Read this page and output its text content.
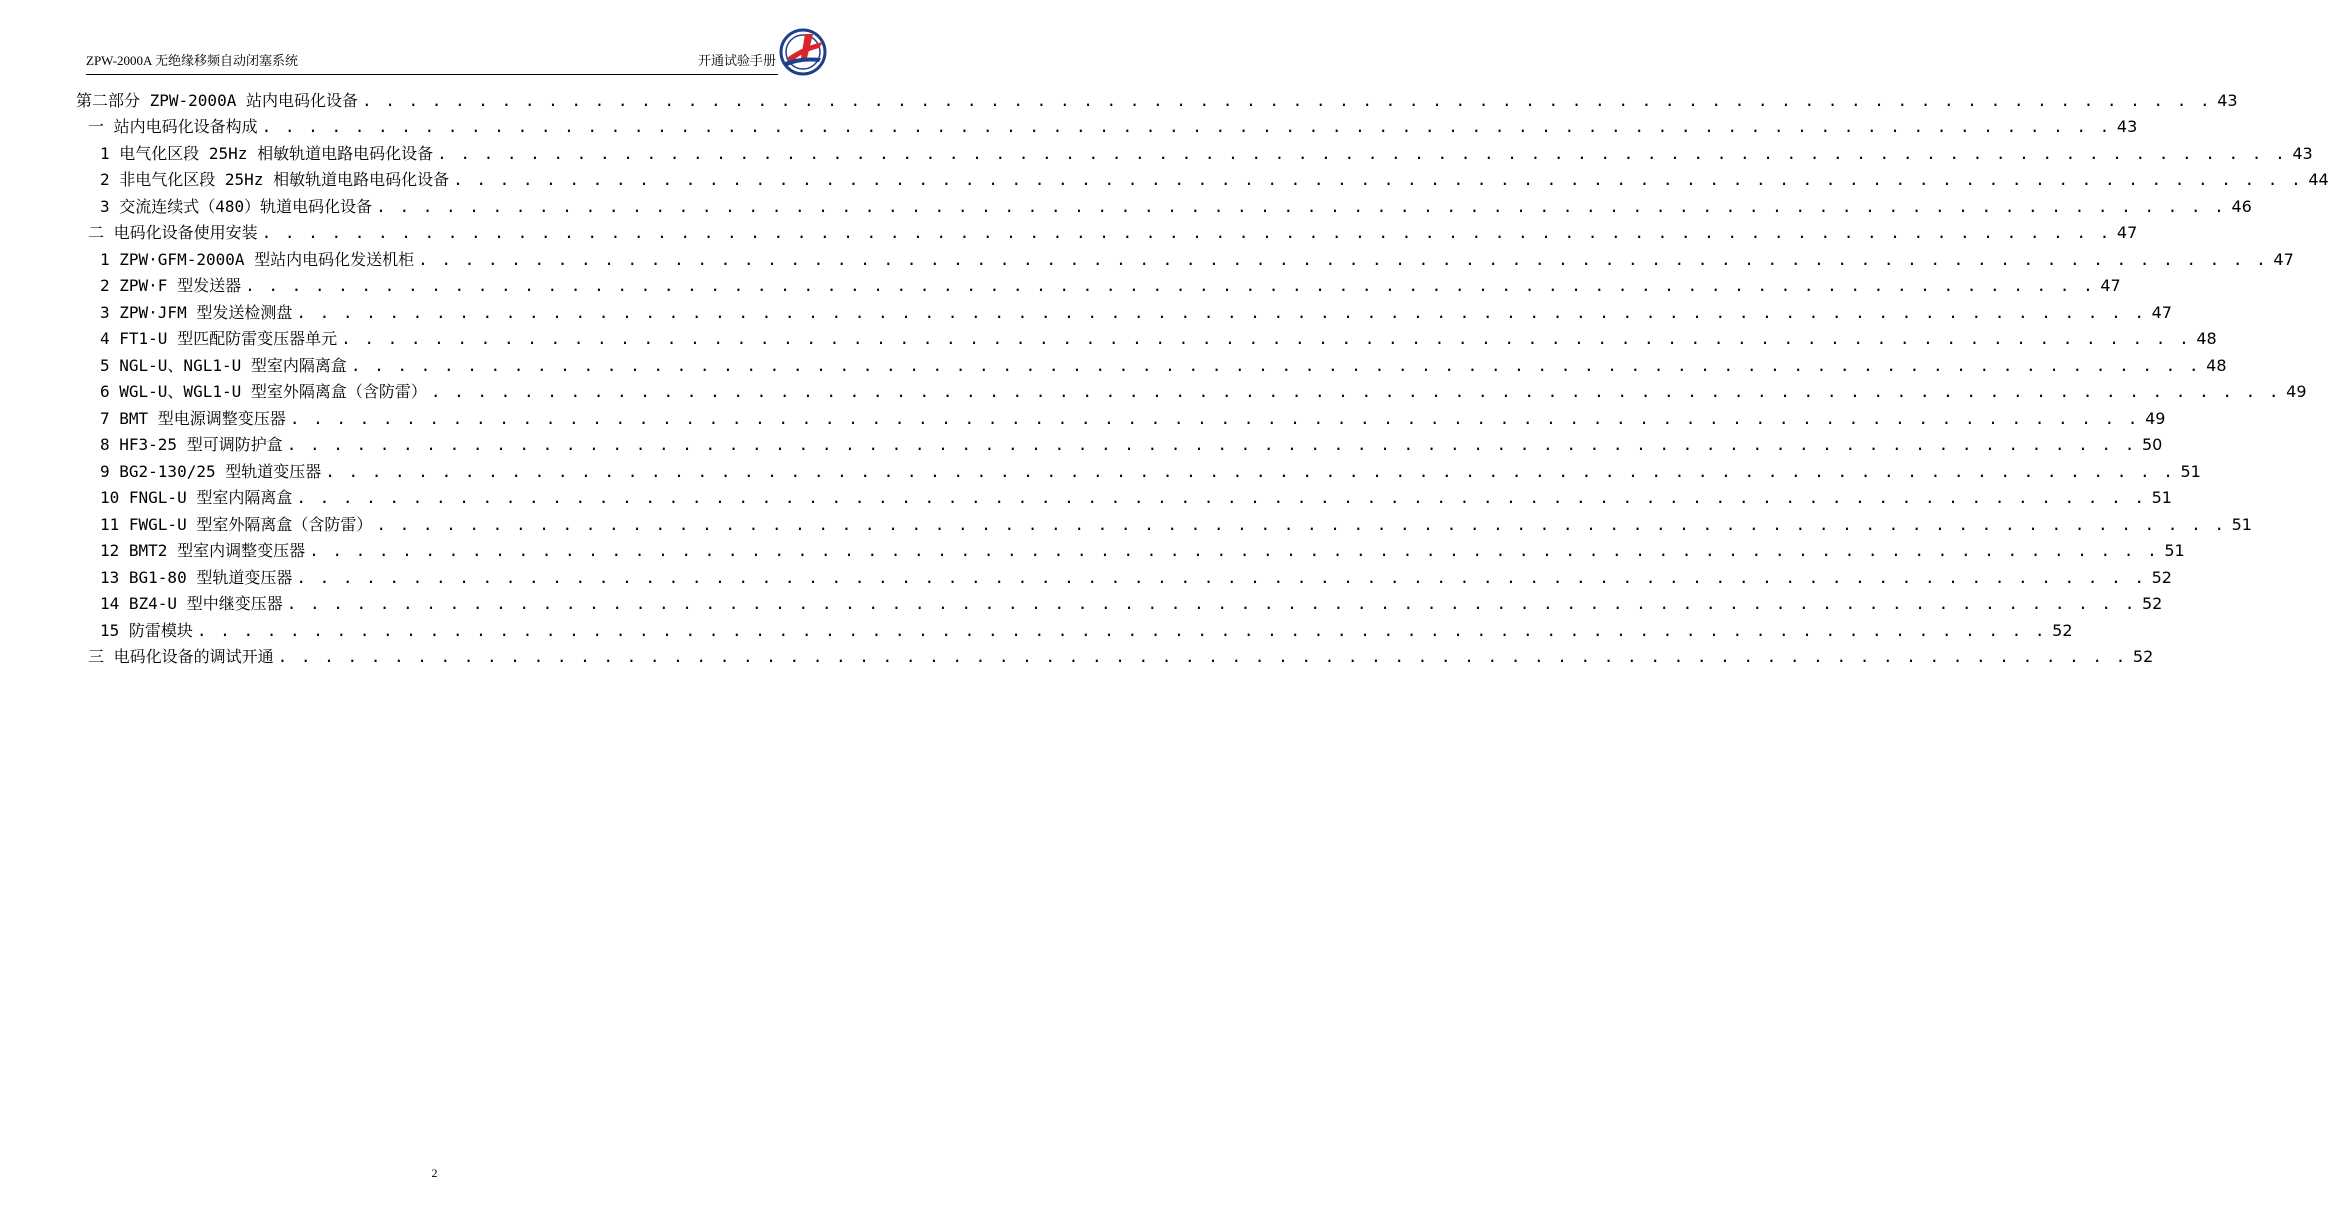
ZPW-2000A 无绝缘移频自动闭塞系统	开通试验手册
第二部分 ZPW-2000A 站内电码化设备 . . . . . . . . . . . . . . . . . . . . . . . . . . . . . . . . . . . . . . . . . . . . . . . . . . . . . . . . . . . . . . . . . . . . . . . . . . . . . . . . 43
一 站内电码化设备构成 . . . . . . . . . . . . . . . . . . . . . . . . . . . . . . . . . . . . . . . . . . . . . . . . . . . . . . . . . . . . . . . . . . . . . . . . . . . . . . . . 43
1 电气化区段 25Hz 相敏轨道电路电码化设备 . . . . . . . . . . . . . . . . . . . . . . . . . . . . . . . . . . . . . . . . . . . . . . . . . . . . . . . . . . . . . . . . . . . . . . . . . . . . . . . . 43
2 非电气化区段 25Hz 相敏轨道电路电码化设备 . . . . . . . . . . . . . . . . . . . . . . . . . . . . . . . . . . . . . . . . . . . . . . . . . . . . . . . . . . . . . . . . . . . . . . . . . . . . . . . . 44
3 交流连续式（480）轨道电码化设备 . . . . . . . . . . . . . . . . . . . . . . . . . . . . . . . . . . . . . . . . . . . . . . . . . . . . . . . . . . . . . . . . . . . . . . . . . . . . . . . . 46
二 电码化设备使用安装 . . . . . . . . . . . . . . . . . . . . . . . . . . . . . . . . . . . . . . . . . . . . . . . . . . . . . . . . . . . . . . . . . . . . . . . . . . . . . . . . 47
1 ZPW·GFM-2000A 型站内电码化发送机柜 . . . . . . . . . . . . . . . . . . . . . . . . . . . . . . . . . . . . . . . . . . . . . . . . . . . . . . . . . . . . . . . . . . . . . . . . . . . . . . . . 47
2 ZPW·F 型发送器 . . . . . . . . . . . . . . . . . . . . . . . . . . . . . . . . . . . . . . . . . . . . . . . . . . . . . . . . . . . . . . . . . . . . . . . . . . . . . . . . 47
3 ZPW·JFM 型发送检测盘 . . . . . . . . . . . . . . . . . . . . . . . . . . . . . . . . . . . . . . . . . . . . . . . . . . . . . . . . . . . . . . . . . . . . . . . . . . . . . . . . 47
4 FT1-U 型匹配防雷变压器单元 . . . . . . . . . . . . . . . . . . . . . . . . . . . . . . . . . . . . . . . . . . . . . . . . . . . . . . . . . . . . . . . . . . . . . . . . . . . . . . . . 48
5 NGL-U、NGL1-U 型室内隔离盒 . . . . . . . . . . . . . . . . . . . . . . . . . . . . . . . . . . . . . . . . . . . . . . . . . . . . . . . . . . . . . . . . . . . . . . . . . . . . . . . . 48
6 WGL-U、WGL1-U 型室外隔离盒（含防雷） . . . . . . . . . . . . . . . . . . . . . . . . . . . . . . . . . . . . . . . . . . . . . . . . . . . . . . . . . . . . . . . . . . . . . . . . . . . . . . . . 49
7 BMT 型电源调整变压器 . . . . . . . . . . . . . . . . . . . . . . . . . . . . . . . . . . . . . . . . . . . . . . . . . . . . . . . . . . . . . . . . . . . . . . . . . . . . . . . . 49
8 HF3-25 型可调防护盒 . . . . . . . . . . . . . . . . . . . . . . . . . . . . . . . . . . . . . . . . . . . . . . . . . . . . . . . . . . . . . . . . . . . . . . . . . . . . . . . . 50
9 BG2-130/25 型轨道变压器 . . . . . . . . . . . . . . . . . . . . . . . . . . . . . . . . . . . . . . . . . . . . . . . . . . . . . . . . . . . . . . . . . . . . . . . . . . . . . . . . 51
10 FNGL-U 型室内隔离盒 . . . . . . . . . . . . . . . . . . . . . . . . . . . . . . . . . . . . . . . . . . . . . . . . . . . . . . . . . . . . . . . . . . . . . . . . . . . . . . . . 51
11 FWGL-U 型室外隔离盒（含防雷） . . . . . . . . . . . . . . . . . . . . . . . . . . . . . . . . . . . . . . . . . . . . . . . . . . . . . . . . . . . . . . . . . . . . . . . . . . . . . . . . 51
12 BMT2 型室内调整变压器 . . . . . . . . . . . . . . . . . . . . . . . . . . . . . . . . . . . . . . . . . . . . . . . . . . . . . . . . . . . . . . . . . . . . . . . . . . . . . . . . 51
13 BG1-80 型轨道变压器 . . . . . . . . . . . . . . . . . . . . . . . . . . . . . . . . . . . . . . . . . . . . . . . . . . . . . . . . . . . . . . . . . . . . . . . . . . . . . . . . 52
14 BZ4-U 型中继变压器 . . . . . . . . . . . . . . . . . . . . . . . . . . . . . . . . . . . . . . . . . . . . . . . . . . . . . . . . . . . . . . . . . . . . . . . . . . . . . . . . 52
15 防雷模块 . . . . . . . . . . . . . . . . . . . . . . . . . . . . . . . . . . . . . . . . . . . . . . . . . . . . . . . . . . . . . . . . . . . . . . . . . . . . . . . . 52
三 电码化设备的调试开通 . . . . . . . . . . . . . . . . . . . . . . . . . . . . . . . . . . . . . . . . . . . . . . . . . . . . . . . . . . . . . . . . . . . . . . . . . . . . . . . . 52
2
